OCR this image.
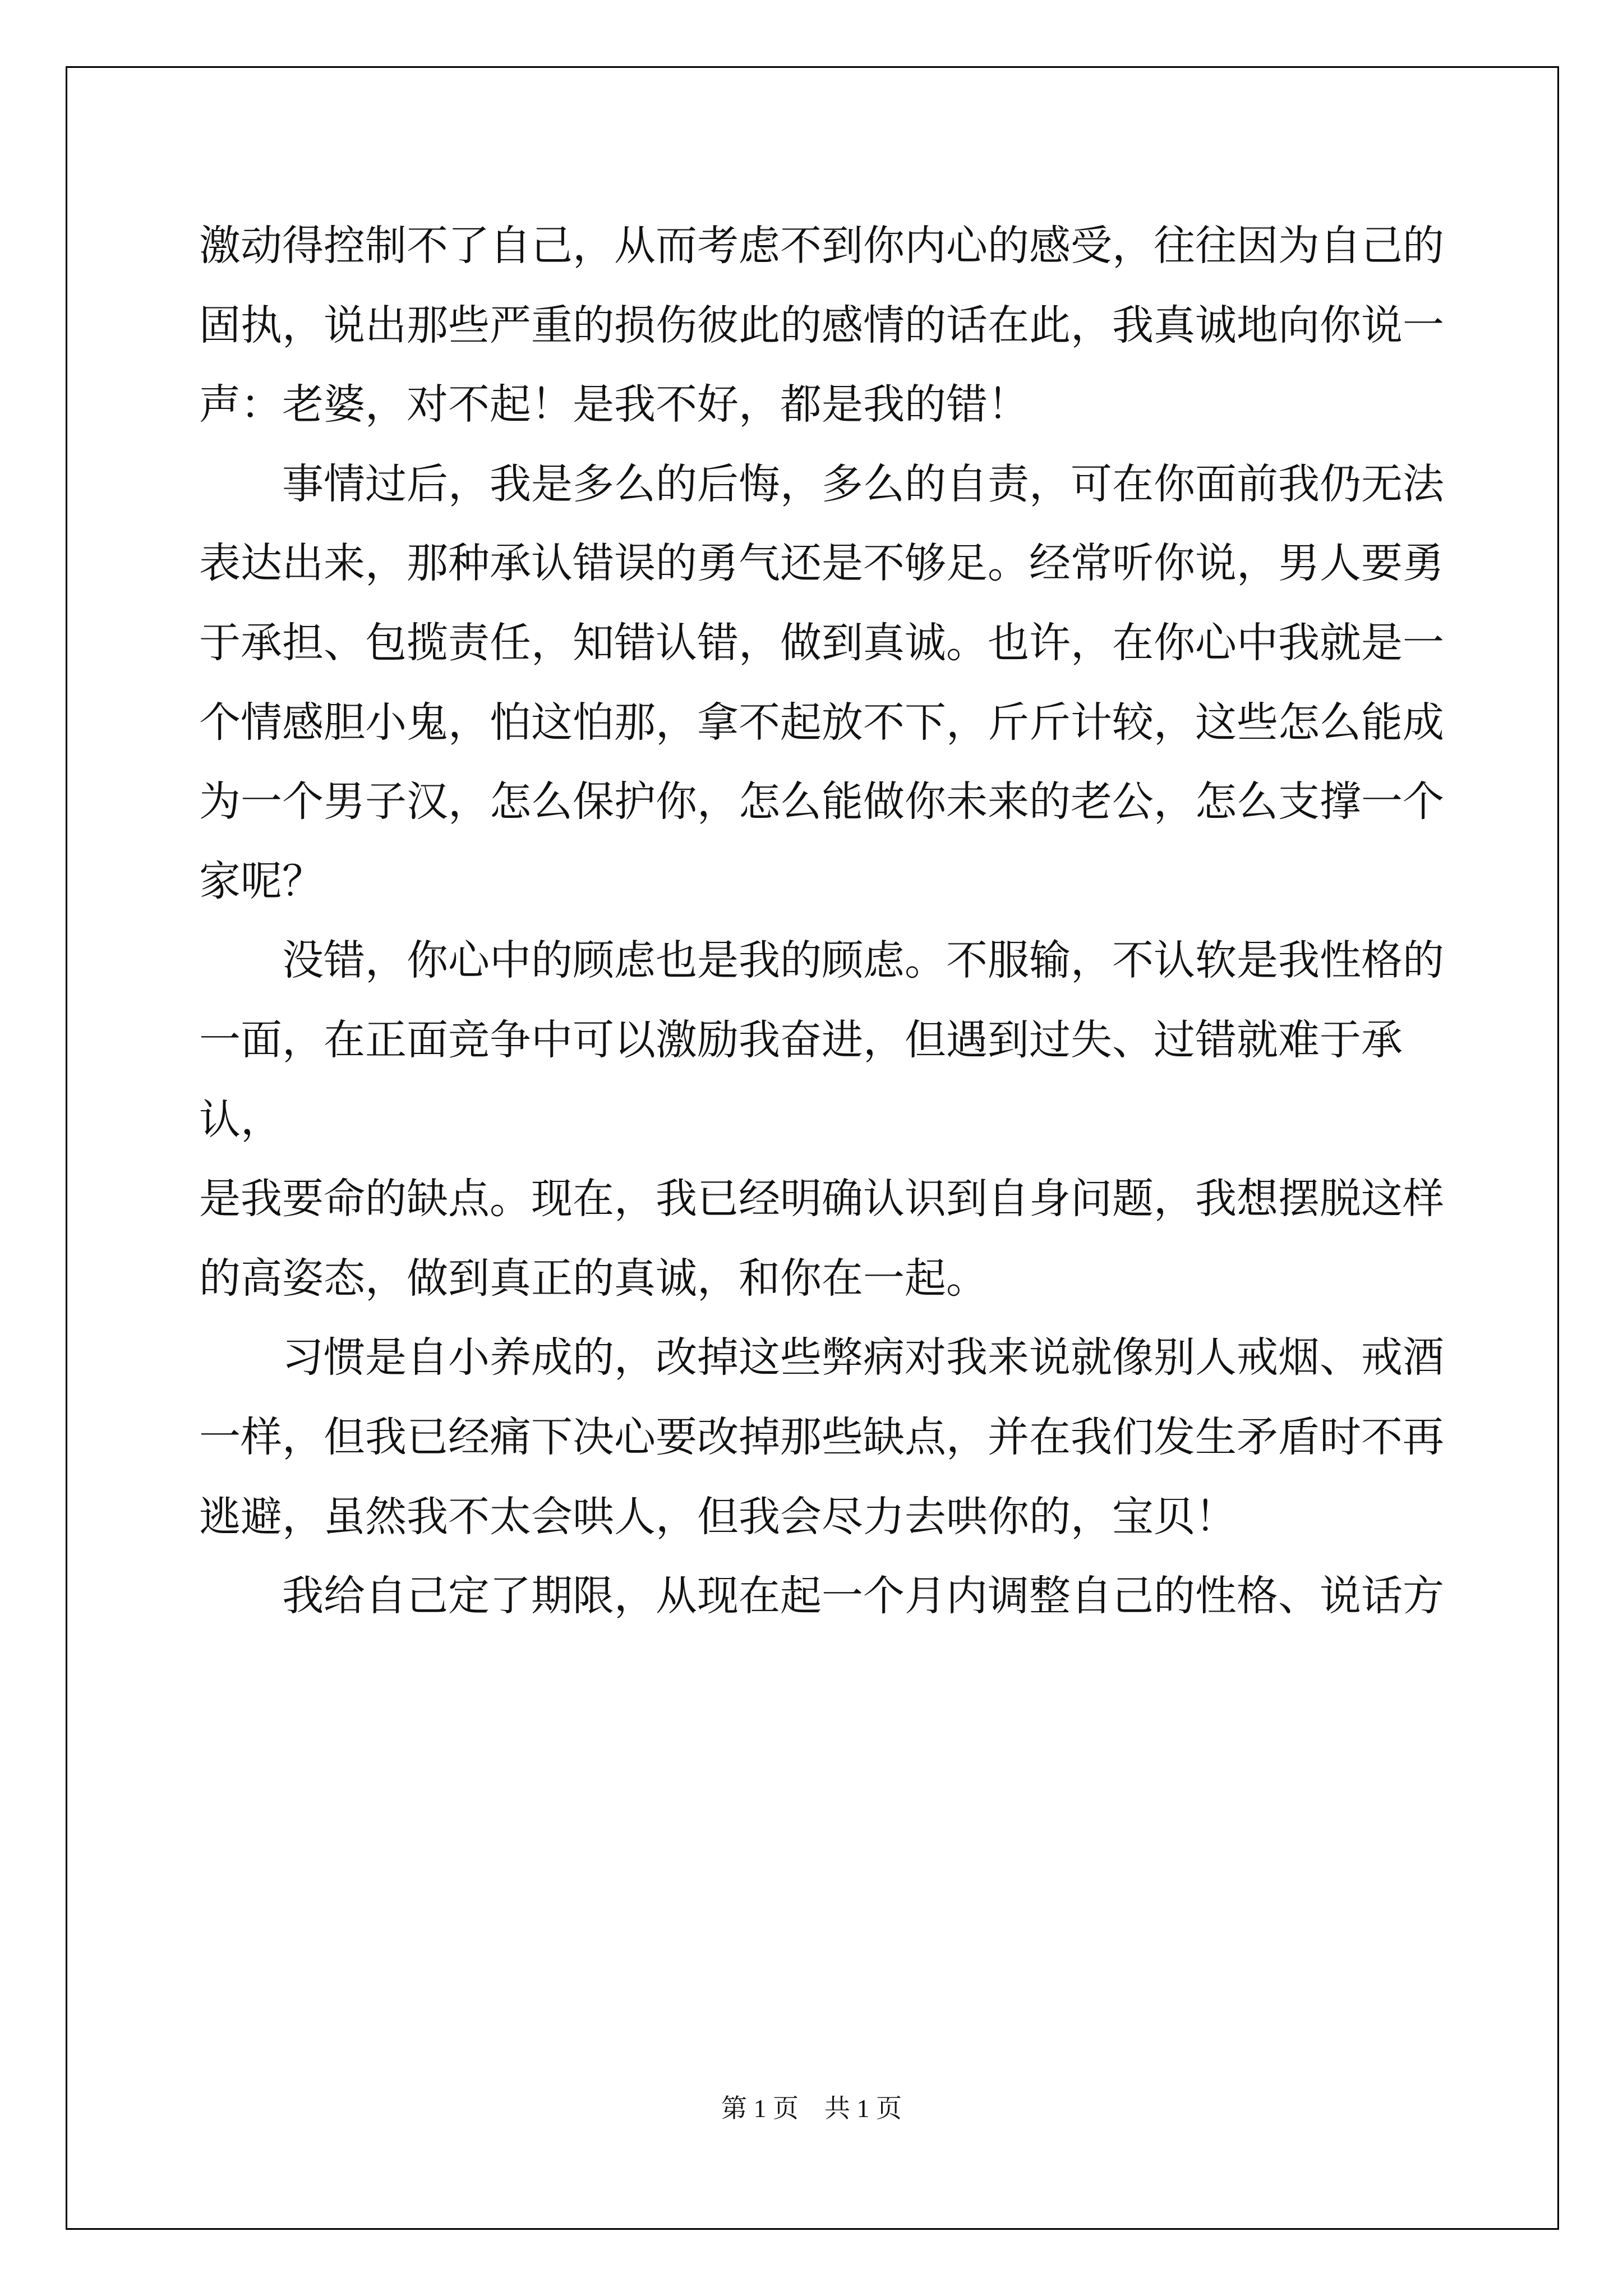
激动得控制不了自己，从而考虑不到你内心的感受，往往因为自己的

固执，说出那些严重的损伤彼此的感情的话在此，我真诚地向你说一

声：老婆，对不起！是我不好，都是我的错！

　　事情过后，我是多么的后悔，多么的自责，可在你面前我仍无法

表达出来，那种承认错误的勇气还是不够足。经常听你说，男人要勇

于承担、包揽责任，知错认错，做到真诚。也许，在你心中我就是一

个情感胆小鬼，怕这怕那，拿不起放不下，斤斤计较，这些怎么能成

为一个男子汉，怎么保护你，怎么能做你未来的老公，怎么支撑一个

家呢？

　　没错，你心中的顾虑也是我的顾虑。不服输，不认软是我性格的

一面，在正面竞争中可以激励我奋进，但遇到过失、过错就难于承认，

是我要命的缺点。现在，我已经明确认识到自身问题，我想摆脱这样

的高姿态，做到真正的真诚，和你在一起。

　　习惯是自小养成的，改掉这些弊病对我来说就像别人戒烟、戒酒

一样，但我已经痛下决心要改掉那些缺点，并在我们发生矛盾时不再

逃避，虽然我不太会哄人，但我会尽力去哄你的，宝贝！

　　我给自己定了期限，从现在起一个月内调整自己的性格、说话方

第 1 页　共 1 页
